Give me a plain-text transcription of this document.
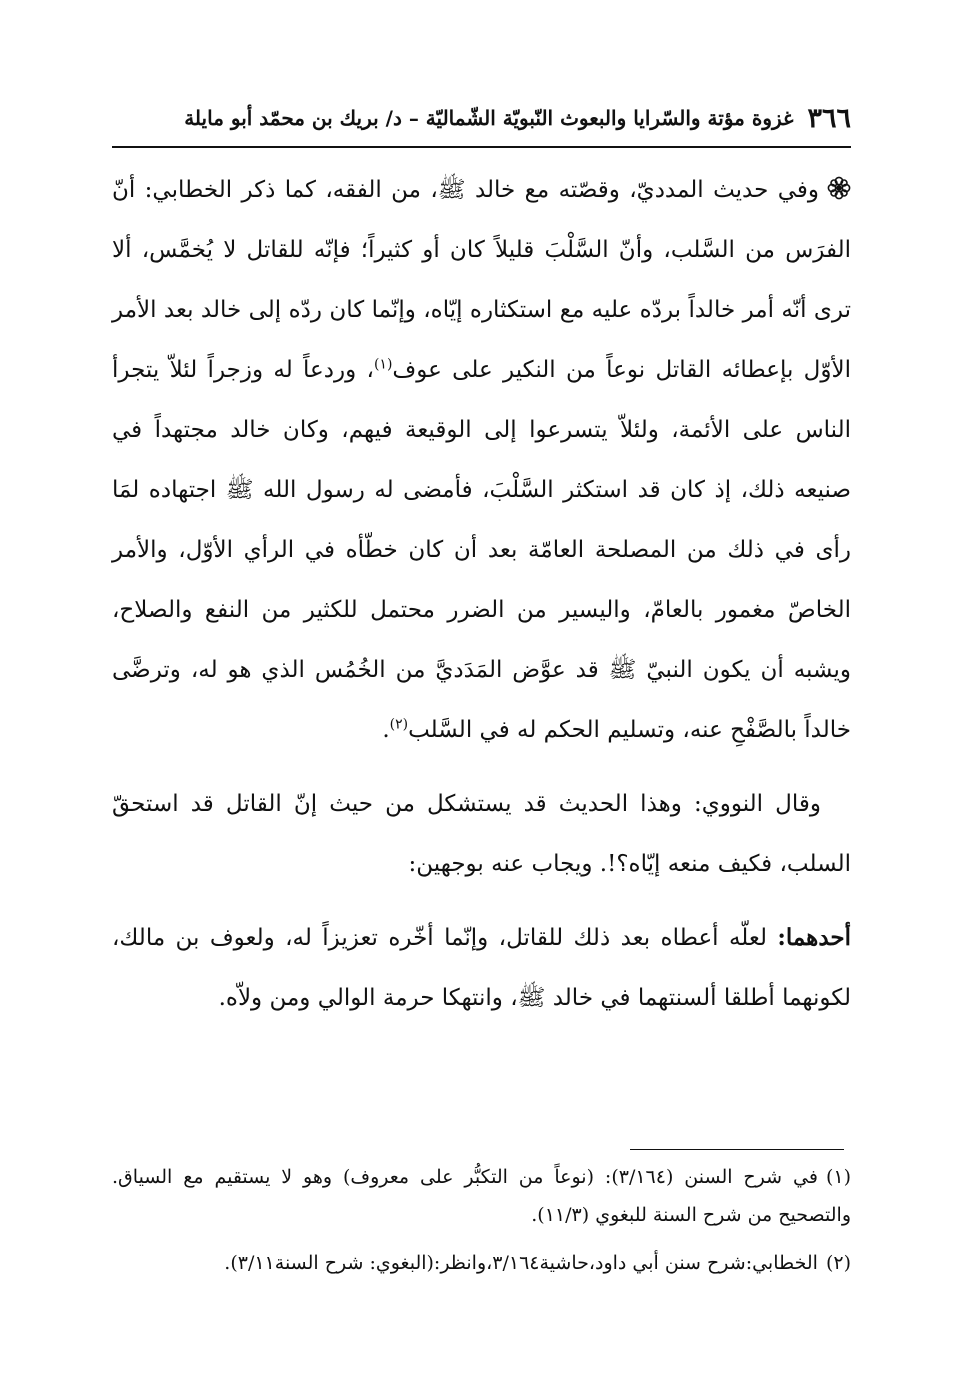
٣٦٦
غزوة مؤتة والسّرايا والبعوث النّبويّة الشّماليّة – د/ بريك بن محمّد أبو مايلة

وفي حديث المدديّ، وقصّته مع خالد ﷺ، من الفقه، كما ذكر الخطابي: أنّ الفرَس من السَّلب، وأنّ السَّلْبَ قليلاً كان أو كثيراً؛ فإنّه للقاتل لا يُخمَّس، ألا ترى أنّه أمر خالداً بردّه عليه مع استكثاره إيّاه، وإنّما كان ردّه إلى خالد بعد الأمر الأوّل بإعطائه القاتل نوعاً من النكير على عوف$^{(١)}$، وردعاً له وزجراً لئلاّ يتجرأ الناس على الأئمة، ولئلاّ يتسرعوا إلى الوقيعة فيهم، وكان خالد مجتهداً في صنيعه ذلك، إذ كان قد استكثر السَّلْبَ، فأمضى له رسول الله ﷺ اجتهاده لمَا رأى في ذلك من المصلحة العامّة بعد أن كان خطّأه في الرأي الأوّل، والأمر الخاصّ مغمور بالعامّ، واليسير من الضرر محتمل للكثير من النفع والصلاح، ويشبه أن يكون النبيّ ﷺ قد عوَّض المَدَديَّ من الخُمُس الذي هو له، وترضَّى خالداً بالصَّفْحِ عنه، وتسليم الحكم له في السَّلب$^{(٢)}$.

وقال النووي: وهذا الحديث قد يستشكل من حيث إنّ القاتل قد استحقّ السلب، فكيف منعه إيّاه؟!. ويجاب عنه بوجهين:

أحدهما: لعلّه أعطاه بعد ذلك للقاتل، وإنّما أخّره تعزيزاً له، ولعوف بن مالك، لكونهما أطلقا ألسنتهما في خالد ﷺ، وانتهكا حرمة الوالي ومن ولاّه.

(١)في شرح السنن (٣/١٦٤): (نوعاً من التكبُّر على معروف) وهو لا يستقيم مع السياق. والتصحيح من شرح السنة للبغوي (١١/٣).

(٢)الخطابي:شرح سنن أبي داود،حاشية٣/١٦٤،وانظر:(البغوي: شرح السنة٣/١١).
